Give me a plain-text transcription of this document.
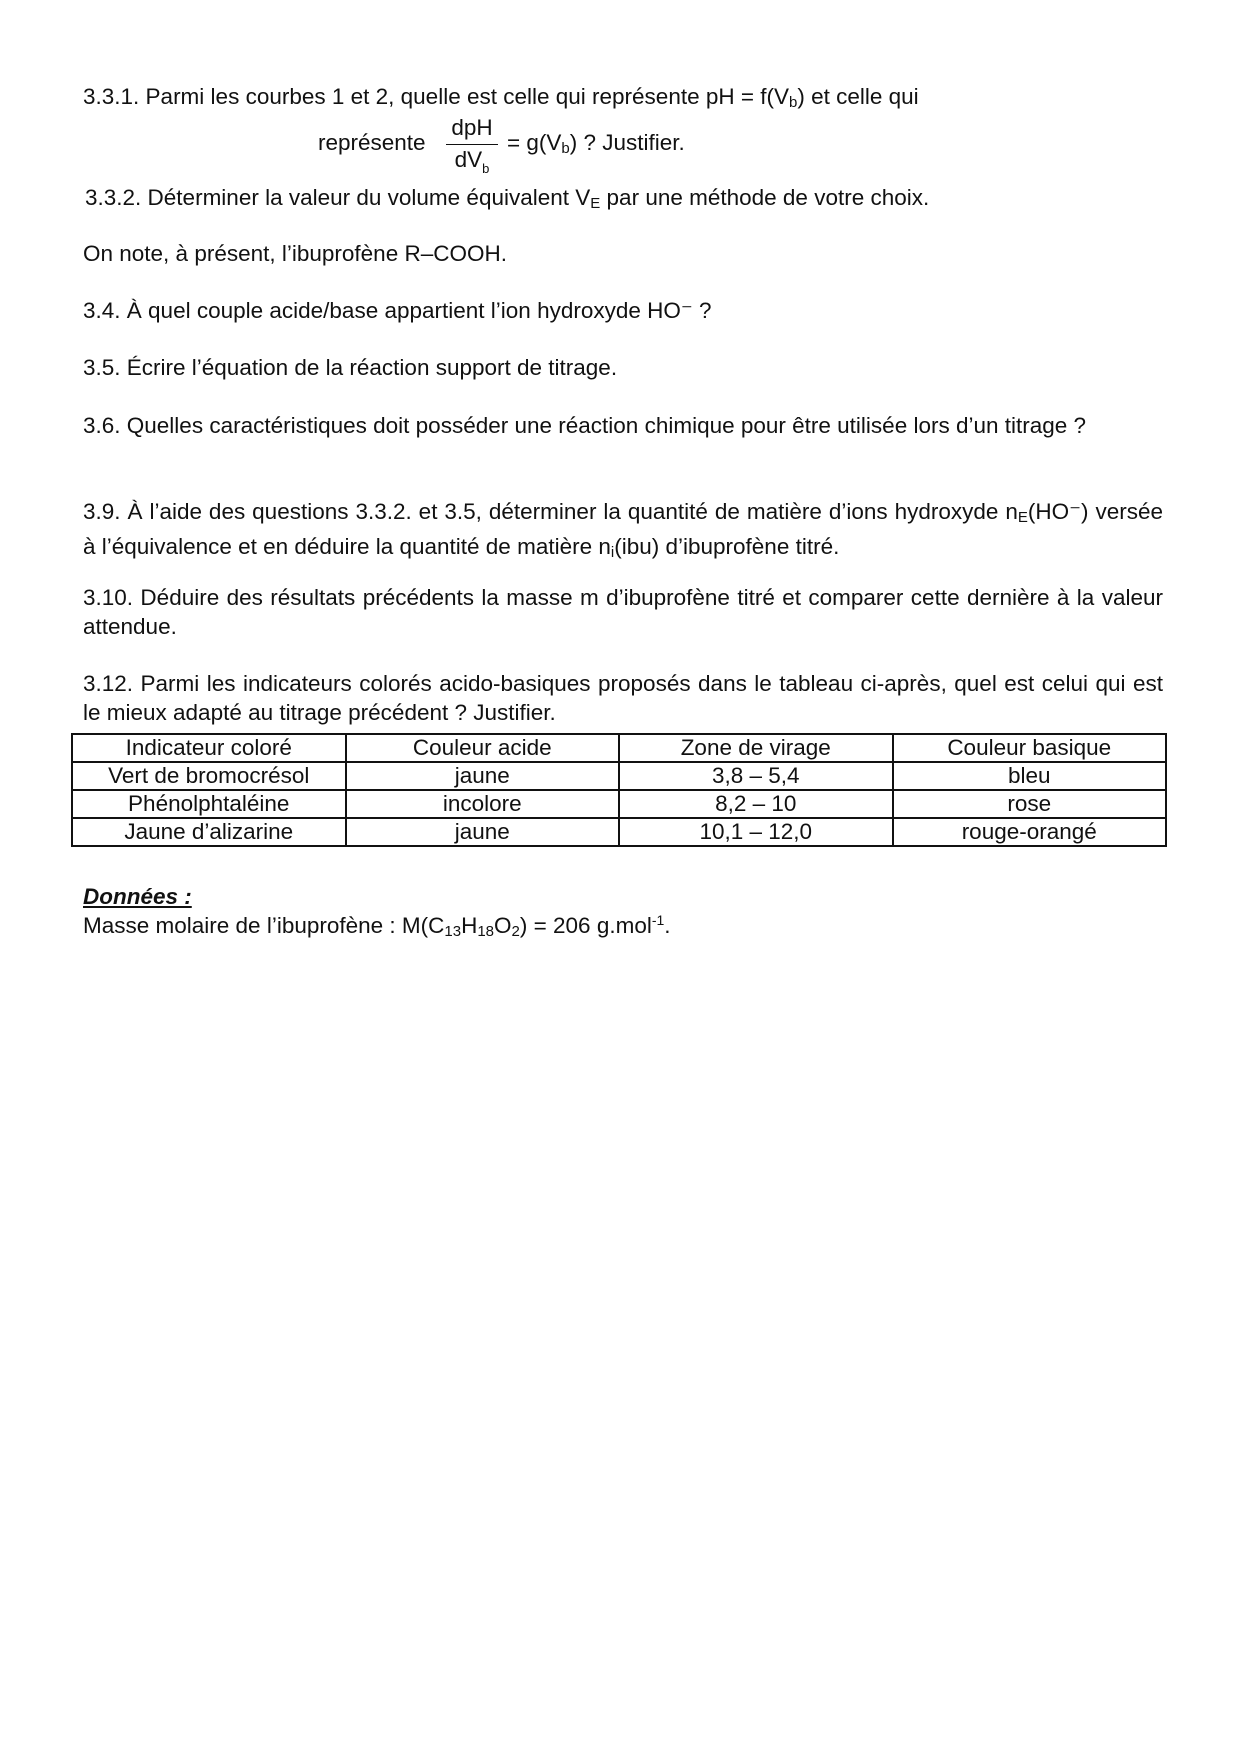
3.3.1. Parmi les courbes 1 et 2, quelle est celle qui représente pH = $f(V_b)$ et celle qui
représente
dpH
$dV_b$
= $g(V_b)$ ? Justifier.
3.3.2. Déterminer la valeur du volume équivalent $V_E$ par une méthode de votre choix.
On note, à présent, l’ibuprofène R–COOH.
3.4. À quel couple acide/base appartient l’ion hydroxyde HO⁻ ?
3.5. Écrire l’équation de la réaction support de titrage.
3.6. Quelles caractéristiques doit posséder une réaction chimique pour être utilisée lors d’un titrage ?
3.9. À l’aide des questions 3.3.2. et 3.5, déterminer la quantité de matière d’ions hydroxyde $n_E(HO^-)$ versée à l’équivalence et en déduire la quantité de matière $n_i(ibu)$ d’ibuprofène titré.
3.10. Déduire des résultats précédents la masse m d’ibuprofène titré et comparer cette dernière à la valeur attendue.
3.12. Parmi les indicateurs colorés acido-basiques proposés dans le tableau ci-après, quel est celui qui est le mieux adapté au titrage précédent ? Justifier.
Indicateur coloré	Couleur acide	Zone de virage	Couleur basique
Vert de bromocrésol	jaune	3,8 – 5,4	bleu
Phénolphtaléine	incolore	8,2 – 10	rose
Jaune d’alizarine	jaune	10,1 – 12,0	rouge-orangé
Données :
Masse molaire de l’ibuprofène : $M(C_{13}H_{18}O_2) = 206$ g.mol$^{-1}$.
